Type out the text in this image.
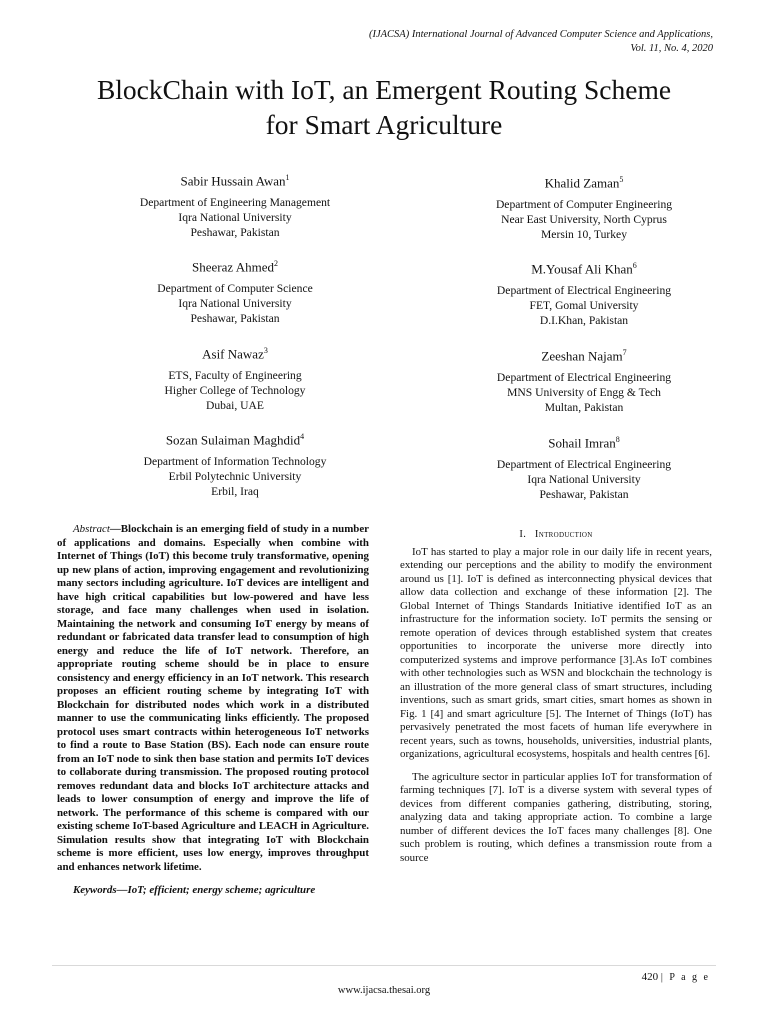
(IJACSA) International Journal of Advanced Computer Science and Applications,
Vol. 11, No. 4, 2020
BlockChain with IoT, an Emergent Routing Scheme
for Smart Agriculture
Sabir Hussain Awan$^1$
Department of Engineering Management
Iqra National University
Peshawar, Pakistan
Sheeraz Ahmed$^2$
Department of Computer Science
Iqra National University
Peshawar, Pakistan
Asif Nawaz$^3$
ETS, Faculty of Engineering
Higher College of Technology
Dubai, UAE
Sozan Sulaiman Maghdid$^4$
Department of Information Technology
Erbil Polytechnic University
Erbil, Iraq
Khalid Zaman$^5$
Department of Computer Engineering
Near East University, North Cyprus
Mersin 10, Turkey
M.Yousaf Ali Khan$^6$
Department of Electrical Engineering
FET, Gomal University
D.I.Khan, Pakistan
Zeeshan Najam$^7$
Department of Electrical Engineering
MNS University of Engg & Tech
Multan, Pakistan
Sohail Imran$^8$
Department of Electrical Engineering
Iqra National University
Peshawar, Pakistan

Abstract—Blockchain is an emerging field of study in a number of applications and domains. Especially when combine with Internet of Things (IoT) this become truly transformative, opening up new plans of action, improving engagement and revolutionizing many sectors including agriculture. IoT devices are intelligent and have high critical capabilities but low-powered and have less storage, and face many challenges when used in isolation. Maintaining the network and consuming IoT energy by means of redundant or fabricated data transfer lead to consumption of high energy and reduce the life of IoT network. Therefore, an appropriate routing scheme should be in place to ensure consistency and energy efficiency in an IoT network. This research proposes an efficient routing scheme by integrating IoT with Blockchain for distributed nodes which work in a distributed manner to use the communicating links efficiently. The proposed protocol uses smart contracts within heterogeneous IoT networks to find a route to Base Station (BS). Each node can ensure route from an IoT node to sink then base station and permits IoT devices to collaborate during transmission. The proposed routing protocol removes redundant data and blocks IoT architecture attacks and leads to lower consumption of energy and improve the life of network. The performance of this scheme is compared with our existing scheme IoT-based Agriculture and LEACH in Agriculture. Simulation results show that integrating IoT with Blockchain scheme is more efficient, uses low energy, improves throughput and enhances network lifetime.

Keywords—IoT; efficient; energy scheme; agriculture

I. Introduction

IoT has started to play a major role in our daily life in recent years, extending our perceptions and the ability to modify the environment around us [1]. IoT is defined as interconnecting physical devices that allow data collection and exchange of these information [2]. The Global Internet of Things Standards Initiative identified IoT as an infrastructure for the information society. IoT permits the sensing or remote operation of devices through established system that creates opportunities to incorporate the universe more directly into computerized systems and improve performance [3].As IoT combines with other technologies such as WSN and blockchain the technology is an illustration of the more general class of smart structures, including inventions, such as smart grids, smart cities, smart homes as shown in Fig. 1 [4] and smart agriculture [5]. The Internet of Things (IoT) has pervasively penetrated the most facets of human life everywhere in recent years, such as towns, households, universities, industrial plants, organizations, agricultural ecosystems, hospitals and health centres [6].

The agriculture sector in particular applies IoT for transformation of farming techniques [7]. IoT is a diverse system with several types of devices from different companies gathering, distributing, storing, analyzing data and taking appropriate action. To combine a large number of different devices the IoT faces many challenges [8]. One such problem is routing, which defines a transmission route from a source

420 | P a g e
www.ijacsa.thesai.org
